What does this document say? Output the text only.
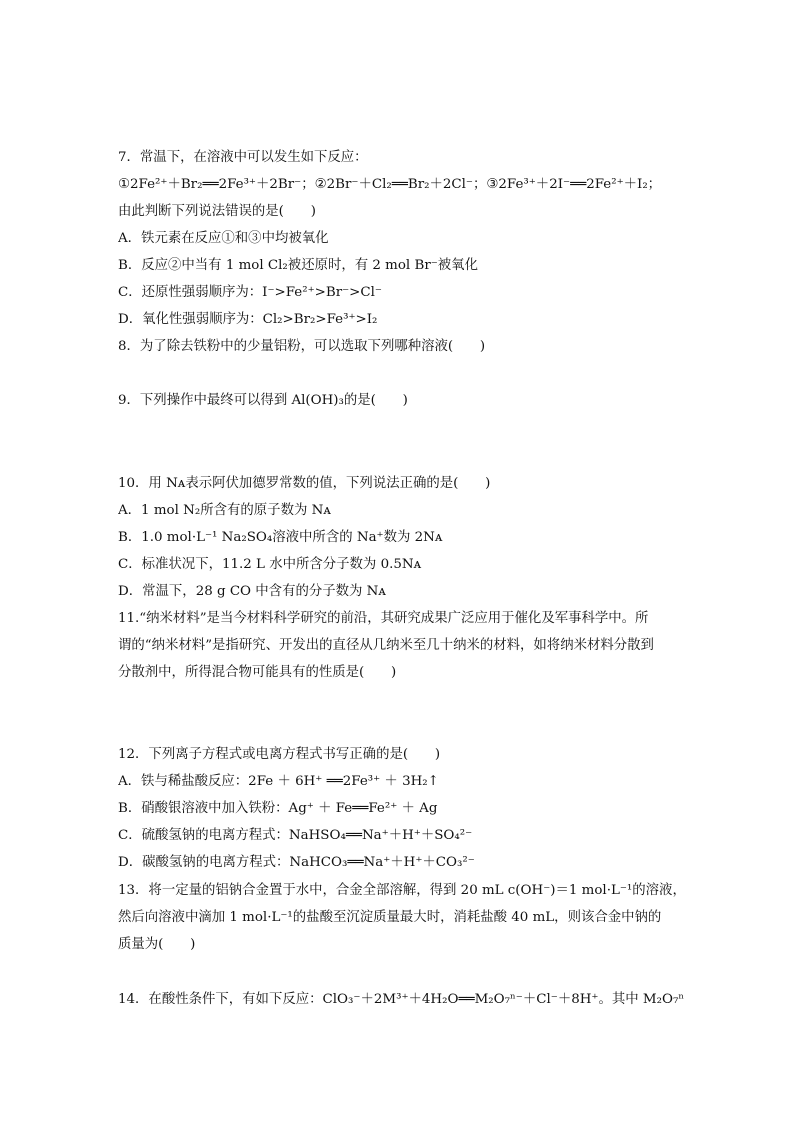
7．常温下，在溶液中可以发生如下反应：
①2Fe²⁺＋Br₂══2Fe³⁺＋2Br⁻；②2Br⁻＋Cl₂══Br₂＋2Cl⁻；③2Fe³⁺＋2I⁻══2Fe²⁺＋I₂；
由此判断下列说法错误的是(　　)
A．铁元素在反应①和③中均被氧化
B．反应②中当有 1 mol Cl₂被还原时，有 2 mol Br⁻被氧化
C．还原性强弱顺序为：I⁻>Fe²⁺>Br⁻>Cl⁻
D．氧化性强弱顺序为：Cl₂>Br₂>Fe³⁺>I₂
8．为了除去铁粉中的少量铝粉，可以选取下列哪种溶液(　　)
9．下列操作中最终可以得到 Al(OH)₃的是(　　)
10．用 Nᴀ表示阿伏加德罗常数的值，下列说法正确的是(　　)
A．1 mol N₂所含有的原子数为 Nᴀ
B．1.0 mol·L⁻¹ Na₂SO₄溶液中所含的 Na⁺数为 2Nᴀ
C．标准状况下，11.2 L 水中所含分子数为 0.5Nᴀ
D．常温下，28 g CO 中含有的分子数为 Nᴀ
11.“纳米材料”是当今材料科学研究的前沿，其研究成果广泛应用于催化及军事科学中。所
谓的“纳米材料”是指研究、开发出的直径从几纳米至几十纳米的材料，如将纳米材料分散到
分散剂中，所得混合物可能具有的性质是(　　)
12．下列离子方程式或电离方程式书写正确的是(　　)
A．铁与稀盐酸反应：2Fe ＋ 6H⁺ ══2Fe³⁺ ＋ 3H₂↑
B．硝酸银溶液中加入铁粉：Ag⁺ ＋ Fe══Fe²⁺ ＋ Ag
C．硫酸氢钠的电离方程式：NaHSO₄══Na⁺＋H⁺＋SO₄²⁻
D．碳酸氢钠的电离方程式：NaHCO₃══Na⁺＋H⁺＋CO₃²⁻
13．将一定量的铝钠合金置于水中，合金全部溶解，得到 20 mL c(OH⁻)＝1 mol·L⁻¹的溶液，
然后向溶液中滴加 1 mol·L⁻¹的盐酸至沉淀质量最大时，消耗盐酸 40 mL，则该合金中钠的
质量为(　　)
14．在酸性条件下，有如下反应：ClO₃⁻＋2M³⁺＋4H₂O══M₂O₇ⁿ⁻＋Cl⁻＋8H⁺。其中 M₂O₇ⁿ
